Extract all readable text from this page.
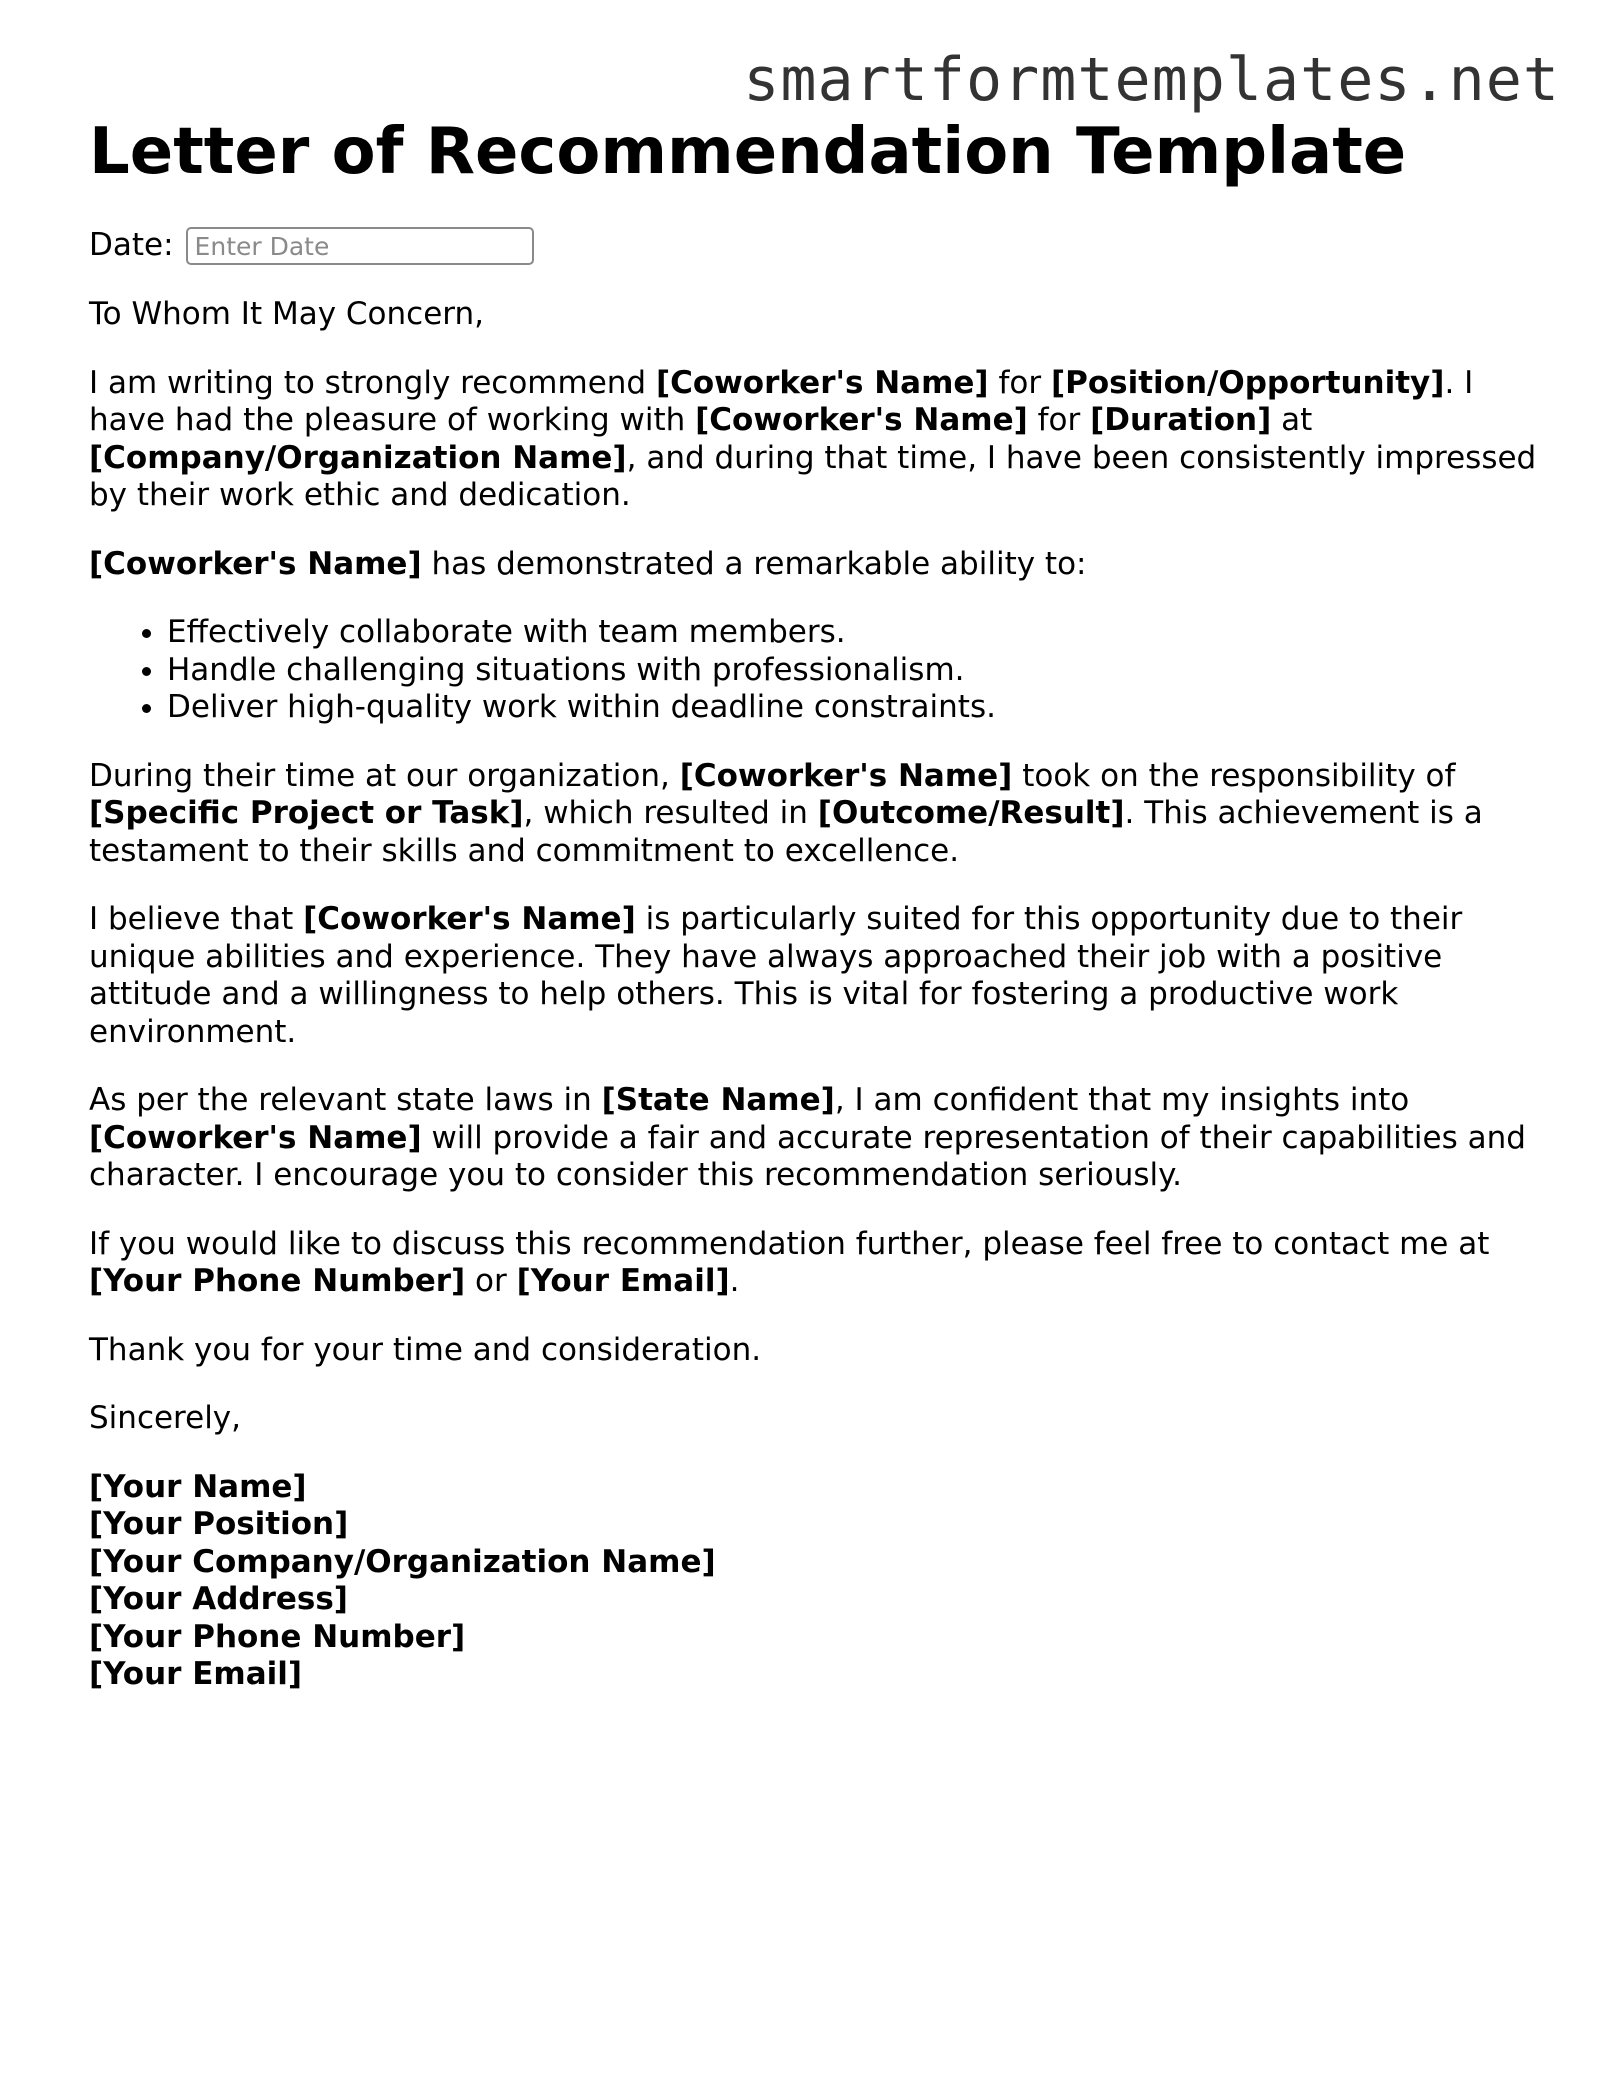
smartformtemplates.net
Letter of Recommendation Template
Date:
Enter Date

To Whom It May Concern,

I am writing to strongly recommend [Coworker's Name] for [Position/Opportunity]. I have had the pleasure of working with [Coworker's Name] for [Duration] at [Company/Organization Name], and during that time, I have been consistently impressed by their work ethic and dedication.

[Coworker's Name] has demonstrated a remarkable ability to:

• Effectively collaborate with team members.
• Handle challenging situations with professionalism.
• Deliver high-quality work within deadline constraints.

During their time at our organization, [Coworker's Name] took on the responsibility of [Specific Project or Task], which resulted in [Outcome/Result]. This achievement is a testament to their skills and commitment to excellence.

I believe that [Coworker's Name] is particularly suited for this opportunity due to their unique abilities and experience. They have always approached their job with a positive attitude and a willingness to help others. This is vital for fostering a productive work environment.

As per the relevant state laws in [State Name], I am confident that my insights into [Coworker's Name] will provide a fair and accurate representation of their capabilities and character. I encourage you to consider this recommendation seriously.

If you would like to discuss this recommendation further, please feel free to contact me at [Your Phone Number] or [Your Email].

Thank you for your time and consideration.

Sincerely,

[Your Name]
[Your Position]
[Your Company/Organization Name]
[Your Address]
[Your Phone Number]
[Your Email]
